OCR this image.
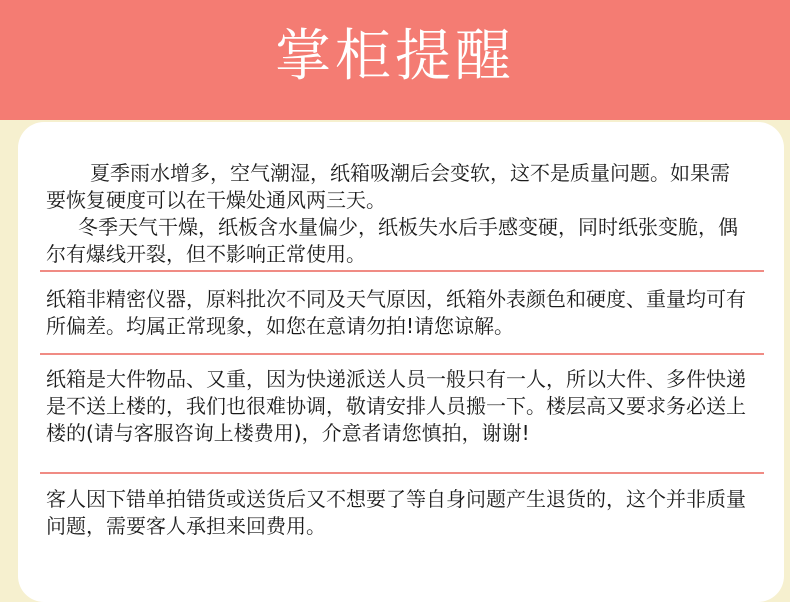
掌柜提醒

夏季雨水增多，空气潮湿，纸箱吸潮后会变软，这不是质量问题。如果需要恢复硬度可以在干燥处通风两三天。

冬季天气干燥，纸板含水量偏少，纸板失水后手感变硬，同时纸张变脆，偶尔有爆线开裂，但不影响正常使用。

纸箱非精密仪器，原料批次不同及天气原因，纸箱外表颜色和硬度、重量均可有所偏差。均属正常现象，如您在意请勿拍!请您谅解。

纸箱是大件物品、又重，因为快递派送人员一般只有一人，所以大件、多件快递是不送上楼的，我们也很难协调，敬请安排人员搬一下。楼层高又要求务必送上楼的(请与客服咨询上楼费用)，介意者请您慎拍，谢谢!

客人因下错单拍错货或送货后又不想要了等自身问题产生退货的，这个并非质量问题，需要客人承担来回费用。
